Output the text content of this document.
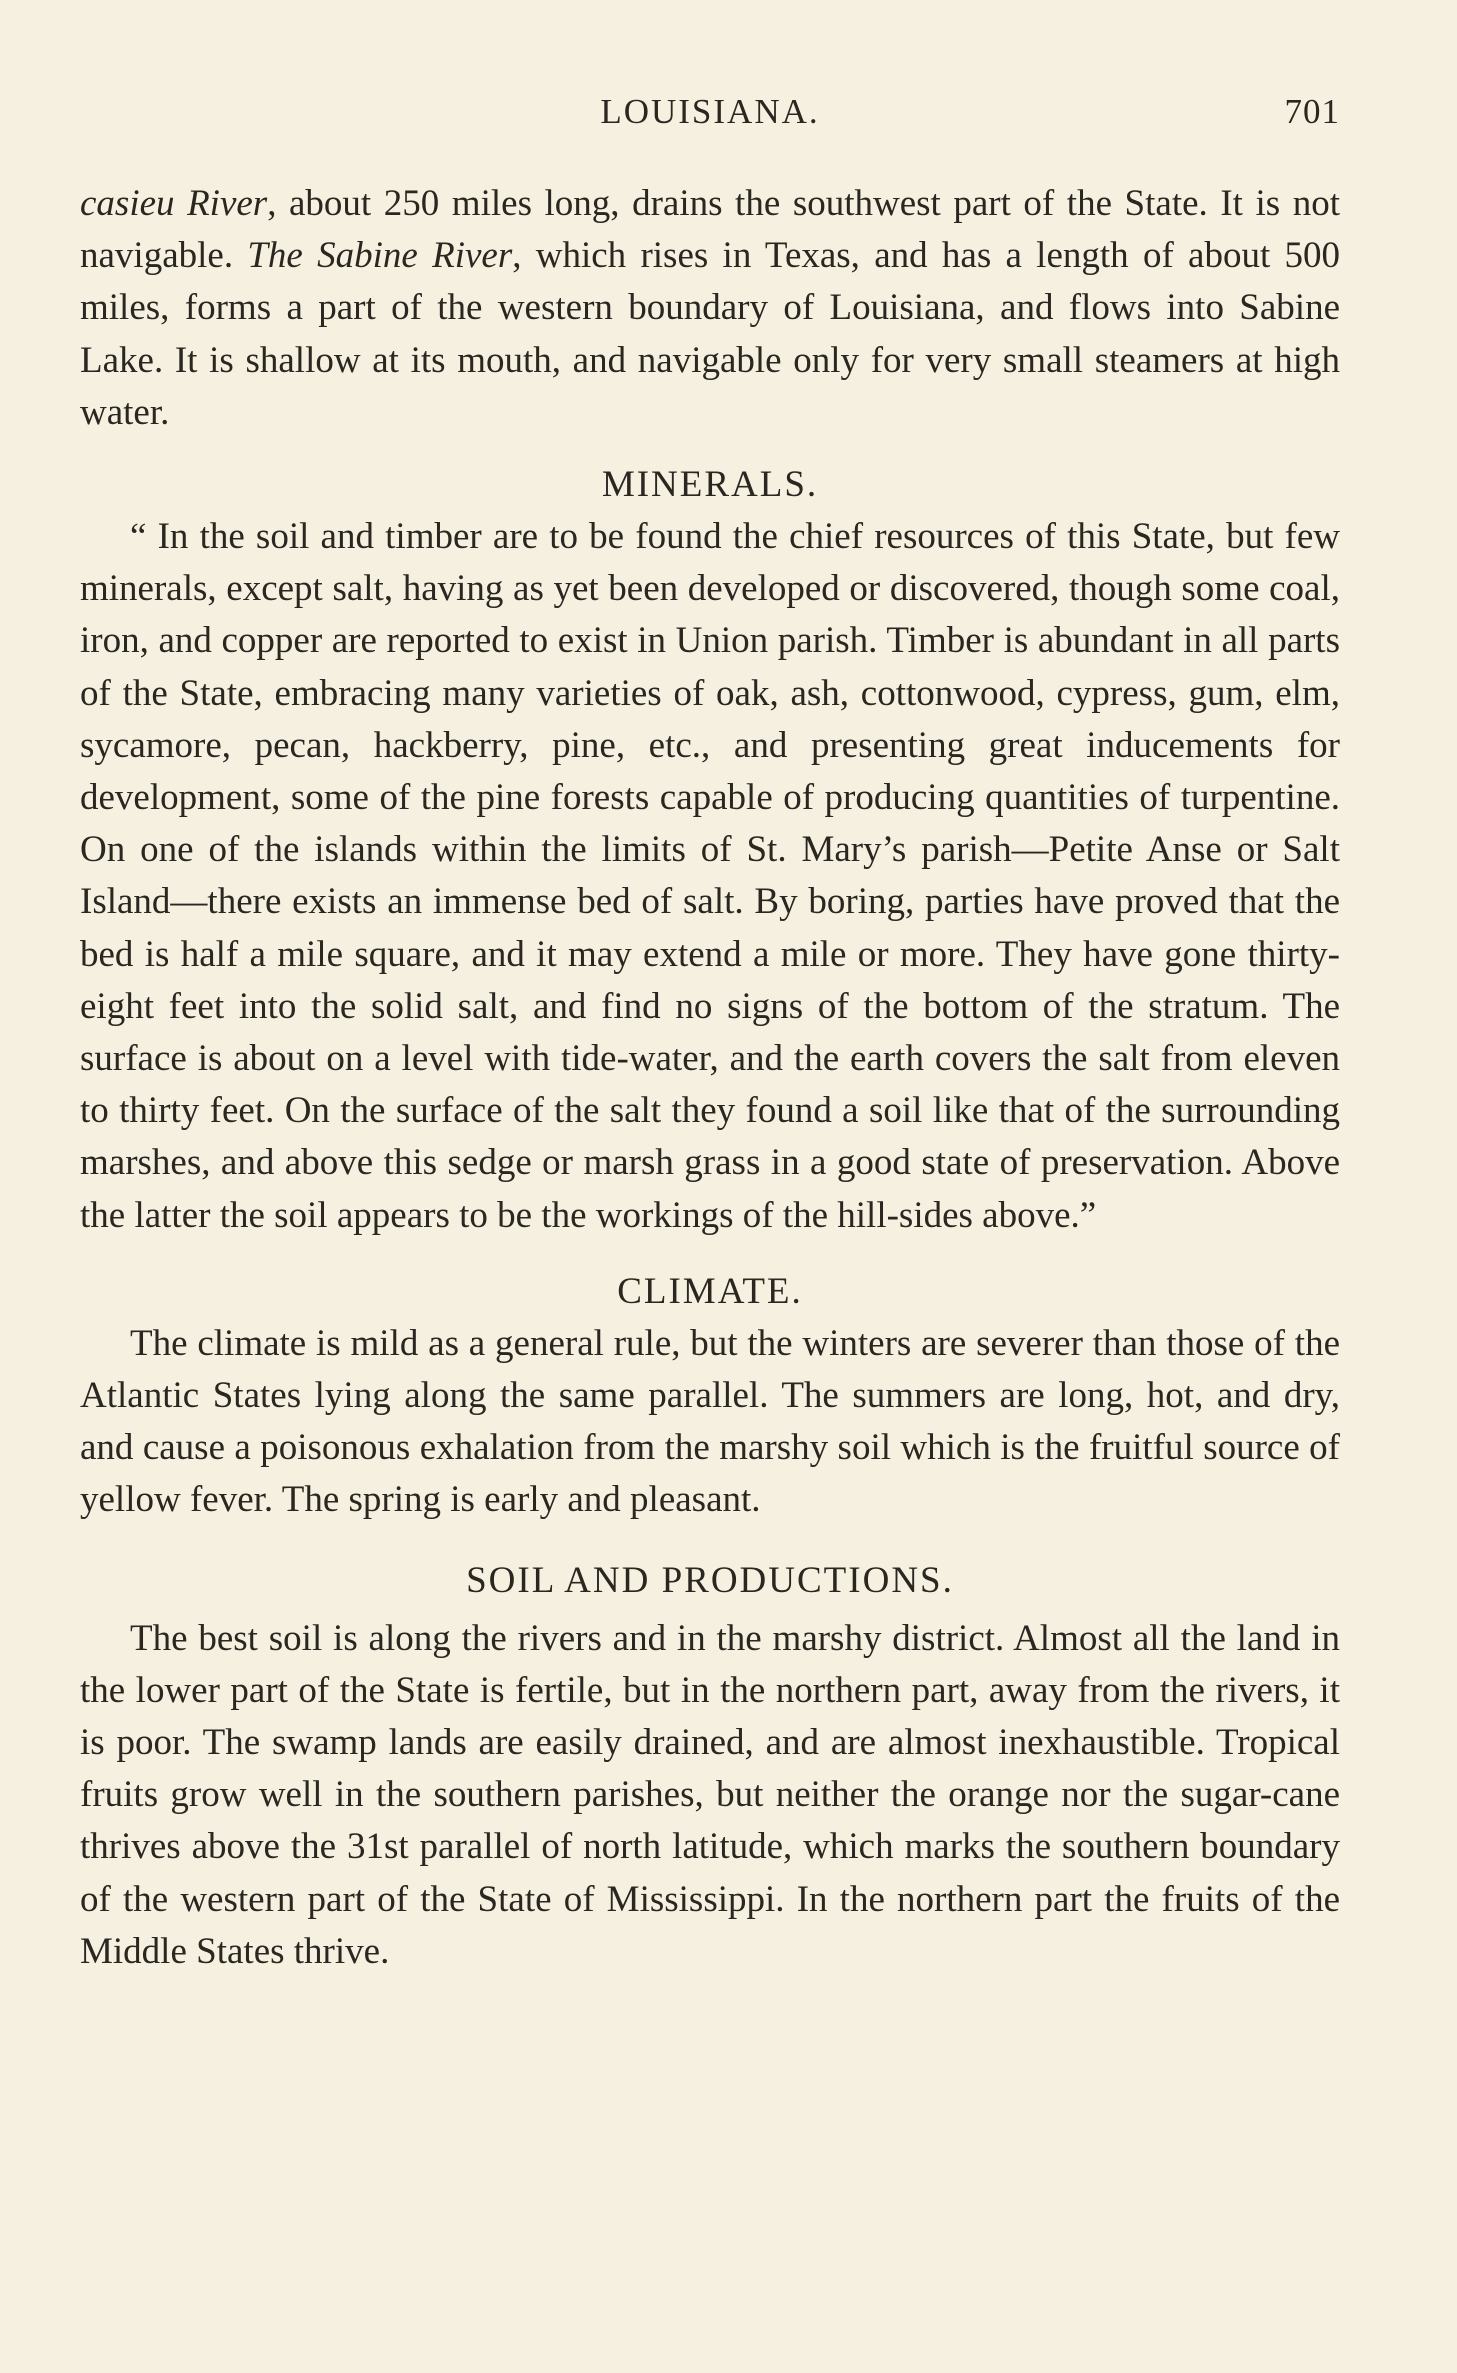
LOUISIANA.	701

casieu River, about 250 miles long, drains the southwest part of the State. It is not navigable. The Sabine River, which rises in Texas, and has a length of about 500 miles, forms a part of the western boundary of Louisiana, and flows into Sabine Lake. It is shallow at its mouth, and navigable only for very small steamers at high water.

MINERALS.

“ In the soil and timber are to be found the chief resources of this State, but few minerals, except salt, having as yet been developed or discovered, though some coal, iron, and copper are reported to exist in Union parish. Timber is abundant in all parts of the State, embracing many varieties of oak, ash, cottonwood, cypress, gum, elm, sycamore, pecan, hackberry, pine, etc., and presenting great inducements for development, some of the pine forests capable of producing quantities of turpentine. On one of the islands within the limits of St. Mary’s parish—Petite Anse or Salt Island—there exists an immense bed of salt. By boring, parties have proved that the bed is half a mile square, and it may extend a mile or more. They have gone thirty-eight feet into the solid salt, and find no signs of the bottom of the stratum. The surface is about on a level with tide-water, and the earth covers the salt from eleven to thirty feet. On the surface of the salt they found a soil like that of the surrounding marshes, and above this sedge or marsh grass in a good state of preservation. Above the latter the soil appears to be the workings of the hill-sides above.”

CLIMATE.

The climate is mild as a general rule, but the winters are severer than those of the Atlantic States lying along the same parallel. The summers are long, hot, and dry, and cause a poisonous exhalation from the marshy soil which is the fruitful source of yellow fever. The spring is early and pleasant.

SOIL AND PRODUCTIONS.

The best soil is along the rivers and in the marshy district. Almost all the land in the lower part of the State is fertile, but in the northern part, away from the rivers, it is poor. The swamp lands are easily drained, and are almost inexhaustible. Tropical fruits grow well in the southern parishes, but neither the orange nor the sugar-cane thrives above the 31st parallel of north latitude, which marks the southern boundary of the western part of the State of Mississippi. In the northern part the fruits of the Middle States thrive.
